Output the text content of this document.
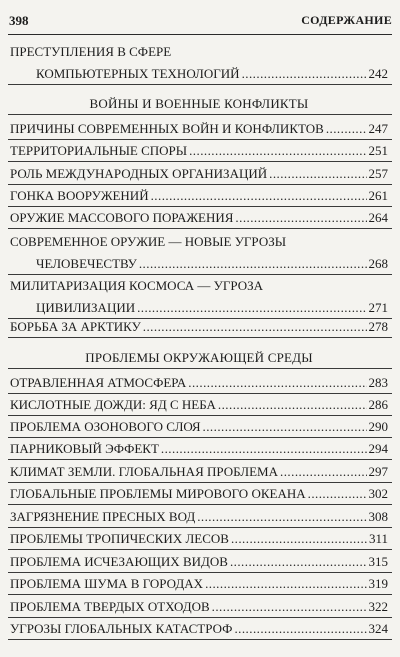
398	СОДЕРЖАНИЕ
ПРЕСТУПЛЕНИЯ В СФЕРЕ
КОМПЬЮТЕРНЫХ ТЕХНОЛОГИЙ . . .	242
ВОЙНЫ И ВОЕННЫЕ КОНФЛИКТЫ
ПРИЧИНЫ СОВРЕМЕННЫХ ВОЙН И КОНФЛИКТОВ . . .	247
ТЕРРИТОРИАЛЬНЫЕ СПОРЫ . . .	251
РОЛЬ МЕЖДУНАРОДНЫХ ОРГАНИЗАЦИЙ . . .	257
ГОНКА ВООРУЖЕНИЙ . . .	261
ОРУЖИЕ МАССОВОГО ПОРАЖЕНИЯ . . .	264
СОВРЕМЕННОЕ ОРУЖИЕ — НОВЫЕ УГРОЗЫ
ЧЕЛОВЕЧЕСТВУ . . .	268
МИЛИТАРИЗАЦИЯ КОСМОСА — УГРОЗА
ЦИВИЛИЗАЦИИ . . .	271
БОРЬБА ЗА АРКТИКУ . . .	278
ПРОБЛЕМЫ ОКРУЖАЮЩЕЙ СРЕДЫ
ОТРАВЛЕННАЯ АТМОСФЕРА . . .	283
КИСЛОТНЫЕ ДОЖДИ: ЯД С НЕБА . . .	286
ПРОБЛЕМА ОЗОНОВОГО СЛОЯ . . .	290
ПАРНИКОВЫЙ ЭФФЕКТ . . .	294
КЛИМАТ ЗЕМЛИ. ГЛОБАЛЬНАЯ ПРОБЛЕМА . . .	297
ГЛОБАЛЬНЫЕ ПРОБЛЕМЫ МИРОВОГО ОКЕАНА . . .	302
ЗАГРЯЗНЕНИЕ ПРЕСНЫХ ВОД . . .	308
ПРОБЛЕМЫ ТРОПИЧЕСКИХ ЛЕСОВ . . .	311
ПРОБЛЕМА ИСЧЕЗАЮЩИХ ВИДОВ . . .	315
ПРОБЛЕМА ШУМА В ГОРОДАХ . . .	319
ПРОБЛЕМА ТВЕРДЫХ ОТХОДОВ . . .	322
УГРОЗЫ ГЛОБАЛЬНЫХ КАТАСТРОФ . . .	324
